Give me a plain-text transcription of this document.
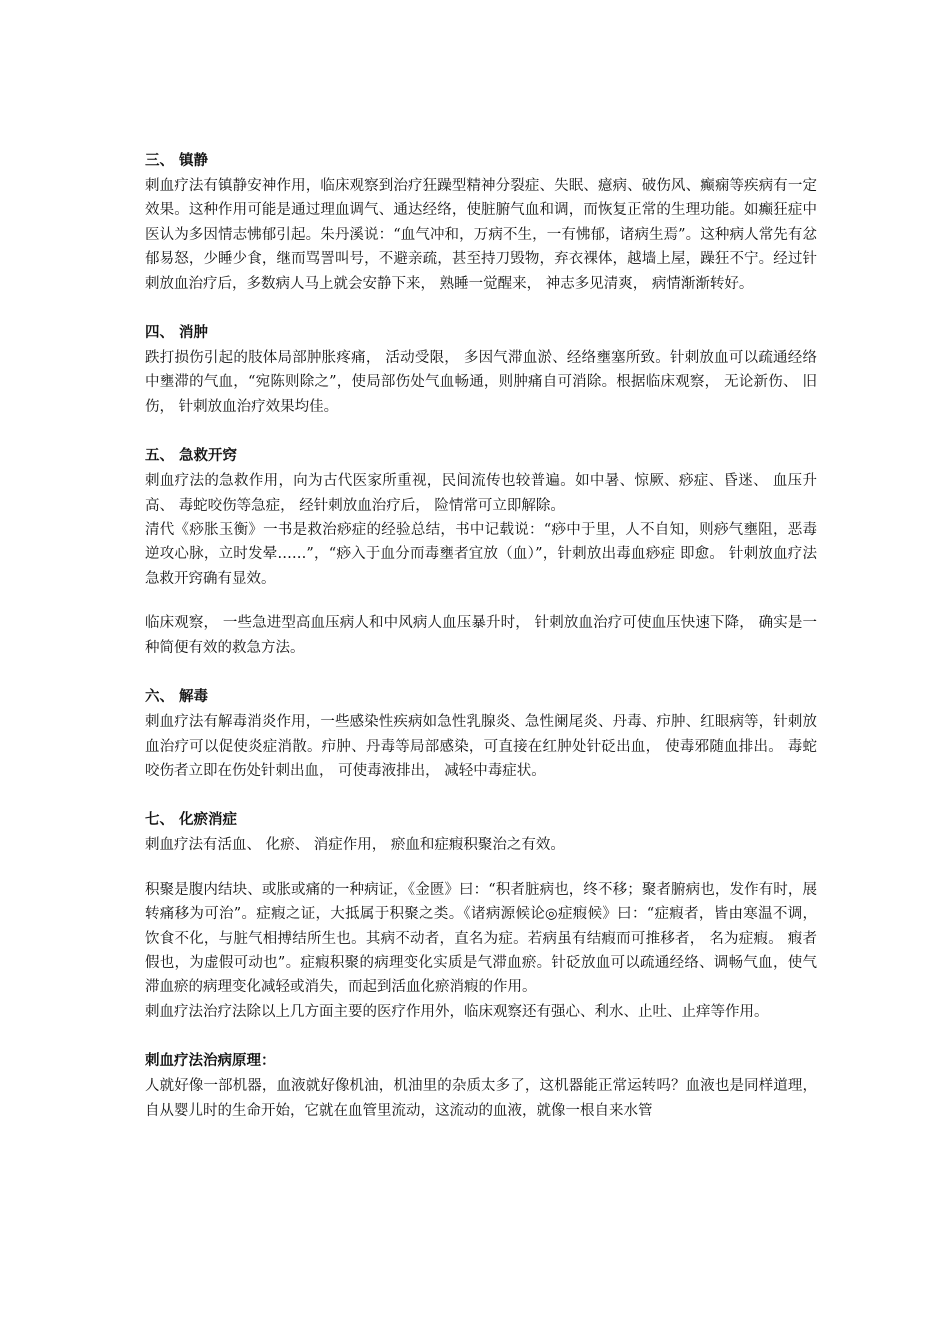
三、 镇静

刺血疗法有镇静安神作用，临床观察到治疗狂躁型精神分裂症、失眠、癔病、破伤风、癫痫等疾病有一定效果。这种作用可能是通过理血调气、通达经络，使脏腑气血和调，而恢复正常的生理功能。如癫狂症中医认为多因情志怫郁引起。朱丹溪说：“血气冲和，万病不生，一有怫郁，诸病生焉”。这种病人常先有忿郁易怒，少睡少食，继而骂詈叫号，不避亲疏，甚至持刀毁物，弃衣裸体，越墙上屋，躁狂不宁。经过针刺放血治疗后，多数病人马上就会安静下来， 熟睡一觉醒来， 神志多见清爽， 病情渐渐转好。

四、 消肿

跌打损伤引起的肢体局部肿胀疼痛， 活动受限， 多因气滞血淤、经络壅塞所致。针刺放血可以疏通经络中壅滞的气血，“宛陈则除之”，使局部伤处气血畅通，则肿痛自可消除。根据临床观察， 无论新伤、 旧伤， 针刺放血治疗效果均佳。

五、 急救开窍

刺血疗法的急救作用，向为古代医家所重视，民间流传也较普遍。如中暑、惊厥、痧症、昏迷、 血压升高、 毒蛇咬伤等急症， 经针刺放血治疗后， 险情常可立即解除。

清代《痧胀玉衡》一书是救治痧症的经验总结，书中记载说：“痧中于里，人不自知，则痧气壅阻，恶毒逆攻心脉，立时发晕……”，“痧入于血分而毒壅者宜放（血）”，针刺放出毒血痧症 即愈。 针刺放血疗法急救开窍确有显效。

临床观察， 一些急进型高血压病人和中风病人血压暴升时， 针刺放血治疗可使血压快速下降， 确实是一种简便有效的救急方法。

六、 解毒

刺血疗法有解毒消炎作用，一些感染性疾病如急性乳腺炎、急性阑尾炎、丹毒、疖肿、红眼病等，针刺放血治疗可以促使炎症消散。疖肿、丹毒等局部感染，可直接在红肿处针砭出血， 使毒邪随血排出。 毒蛇咬伤者立即在伤处针刺出血， 可使毒液排出， 减轻中毒症状。

七、 化瘀消症

刺血疗法有活血、 化瘀、 消症作用， 瘀血和症瘕积聚治之有效。

积聚是腹内结块、或胀或痛的一种病证，《金匮》曰：“积者脏病也，终不移；聚者腑病也，发作有时，展转痛移为可治”。症瘕之证，大抵属于积聚之类。《诸病源候论◎症瘕候》曰：“症瘕者，皆由寒温不调，饮食不化，与脏气相搏结所生也。其病不动者，直名为症。若病虽有结瘕而可推移者， 名为症瘕。 瘕者假也，为虚假可动也”。症瘕积聚的病理变化实质是气滞血瘀。针砭放血可以疏通经络、调畅气血，使气滞血瘀的病理变化减轻或消失，而起到活血化瘀消瘕的作用。

刺血疗法治疗法除以上几方面主要的医疗作用外，临床观察还有强心、利水、止吐、止痒等作用。

刺血疗法治病原理：

人就好像一部机器，血液就好像机油，机油里的杂质太多了，这机器能正常运转吗？血液也是同样道理，自从婴儿时的生命开始，它就在血管里流动，这流动的血液，就像一根自来水管
